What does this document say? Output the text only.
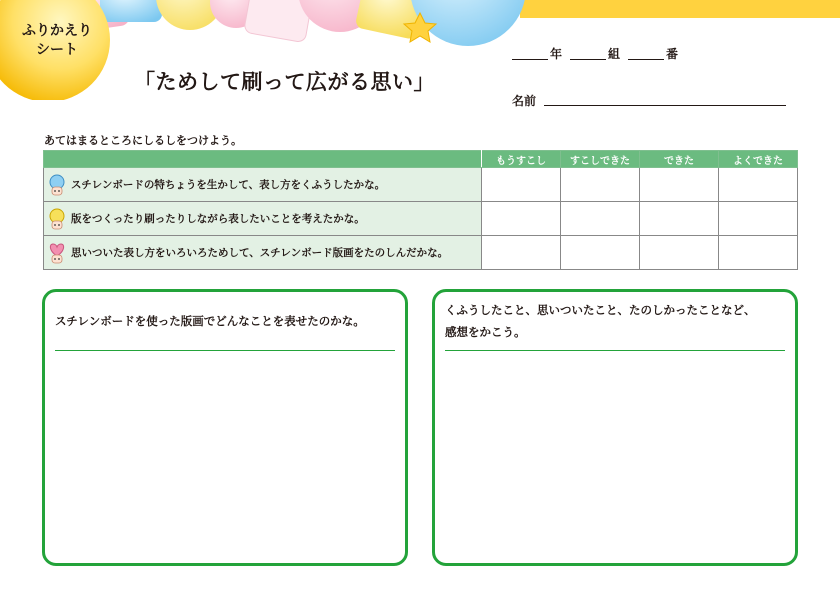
ふりかえり
シート
「ためして刷って広がる思い」
年	組	番
名前
あてはまるところにしるしをつけよう。
	もうすこし	すこしできた	できた	よくできた

スチレンボードの特ちょうを生かして、表し方をくふうしたかな。				

版をつくったり刷ったりしながら表したいことを考えたかな。				

思いついた表し方をいろいろためして、スチレンボード版画をたのしんだかな。				

スチレンボードを使った版画でどんなことを表せたのかな。
くふうしたこと、思いついたこと、たのしかったことなど、
感想をかこう。
